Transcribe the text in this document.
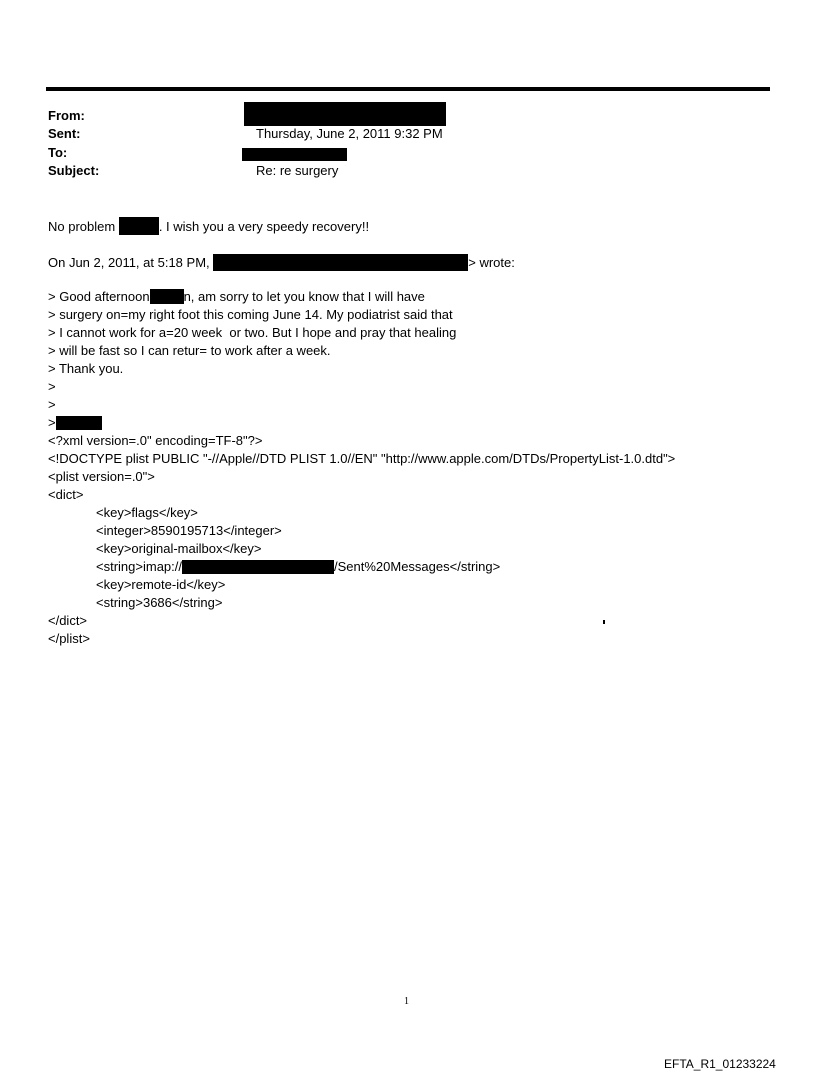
From:
Sent:	Thursday, June 2, 2011 9:32 PM
To:
Subject:	Re: re surgery
No problem	. I wish you a very speedy recovery!!
On Jun 2, 2011, at 5:18 PM,	> wrote:
> Good afternoon	n, am sorry to let you know that I will have
> surgery on=my right foot this coming June 14. My podiatrist said that
> I cannot work for a=20 week  or two. But I hope and pray that healing
> will be fast so I can retur= to work after a week.
> Thank you.
>
>
>
<?xml version=.0" encoding=TF-8"?>
<!DOCTYPE plist PUBLIC "-//Apple//DTD PLIST 1.0//EN" "http://www.apple.com/DTDs/PropertyList-1.0.dtd">
<plist version=.0">
<dict>
<key>flags</key>
<integer>8590195713</integer>
<key>original-mailbox</key>
<string>imap://	/Sent%20Messages</string>
<key>remote-id</key>
<string>3686</string>
</dict>
</plist>
1
EFTA_R1_01233224
